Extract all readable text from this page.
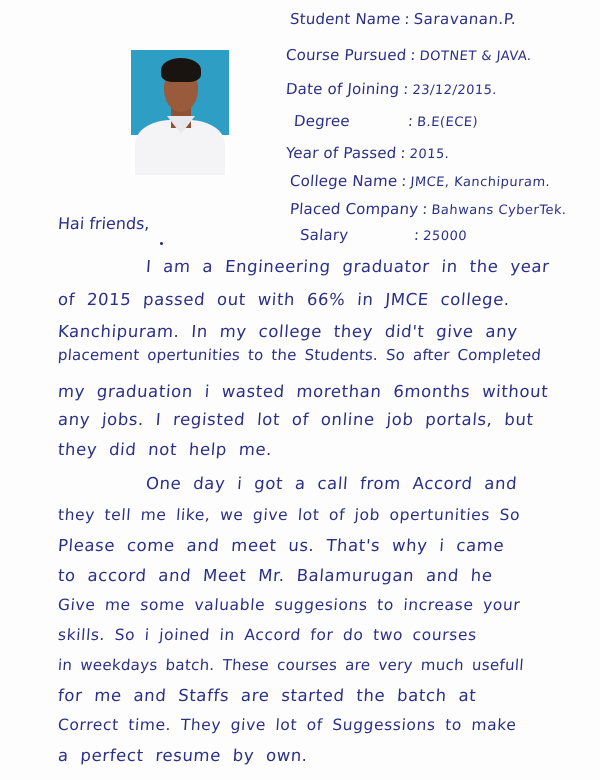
Student Name : Saravanan.P.
Course Pursued : DOTNET & JAVA.
Date of Joining : 23/12/2015.
Degree	: B.E(ECE)
Year of Passed : 2015.
College Name : JMCE, Kanchipuram.
Placed Company : Bahwans CyberTek.
Salary	: 25000
Hai friends,
I am a Engineering graduator in the year
of 2015 passed out with 66% in JMCE college.
Kanchipuram. In my college they did't give any
placement opertunities to the Students. So after Completed
my graduation i wasted morethan 6months without
any jobs. I registed lot of online job portals, but
they did not help me.
One day i got a call from Accord and
they tell me like, we give lot of job opertunities So
Please come and meet us. That's why i came
to accord and Meet Mr. Balamurugan and he
Give me some valuable suggesions to increase your
skills. So i joined in Accord for do two courses
in weekdays batch. These courses are very much usefull
for me and Staffs are started the batch at
Correct time. They give lot of Suggessions to make
a perfect resume by own.
